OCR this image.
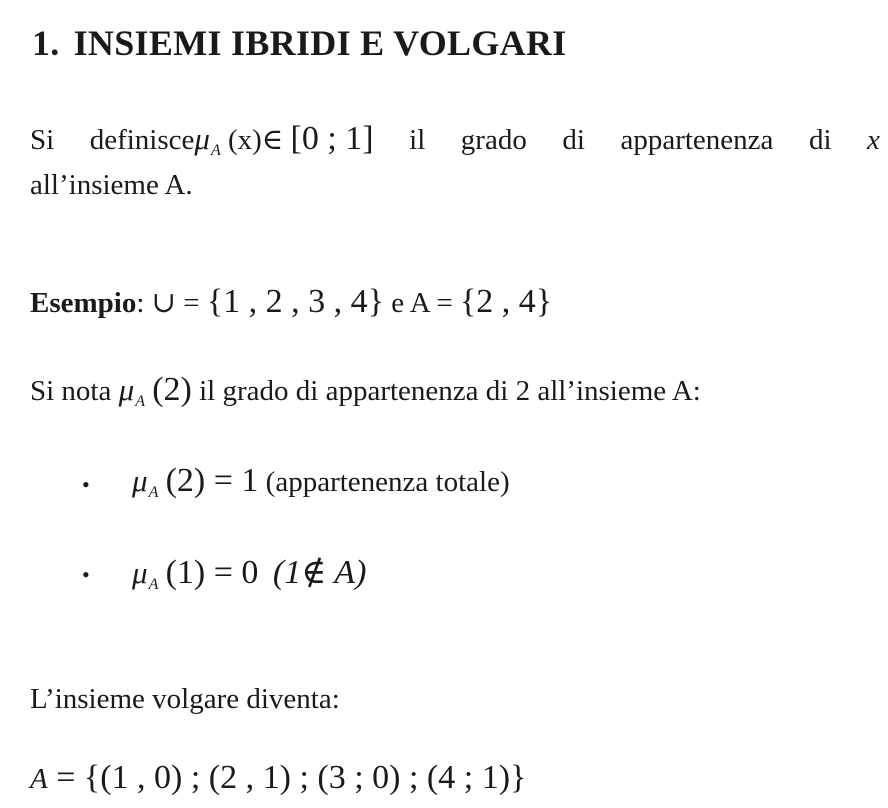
1. INSIEMI IBRIDI E VOLGARI
Si definisceμ$_A$ (x)∈ [0 ; 1] il grado di appartenenza di x
all’insieme A.
Esempio: ∪ = {1 , 2 , 3 , 4} e A = {2 , 4}
Si nota $\mu_A$ (2) il grado di appartenenza di 2 all’insieme A:
• $\mu_A$ (2) = 1 (appartenenza totale)
• $\mu_A$ (1) = 0 (1∉ A)
L’insieme volgare diventa:
A = {(1 , 0) ; (2 , 1) ; (3 ; 0) ; (4 ; 1)}
